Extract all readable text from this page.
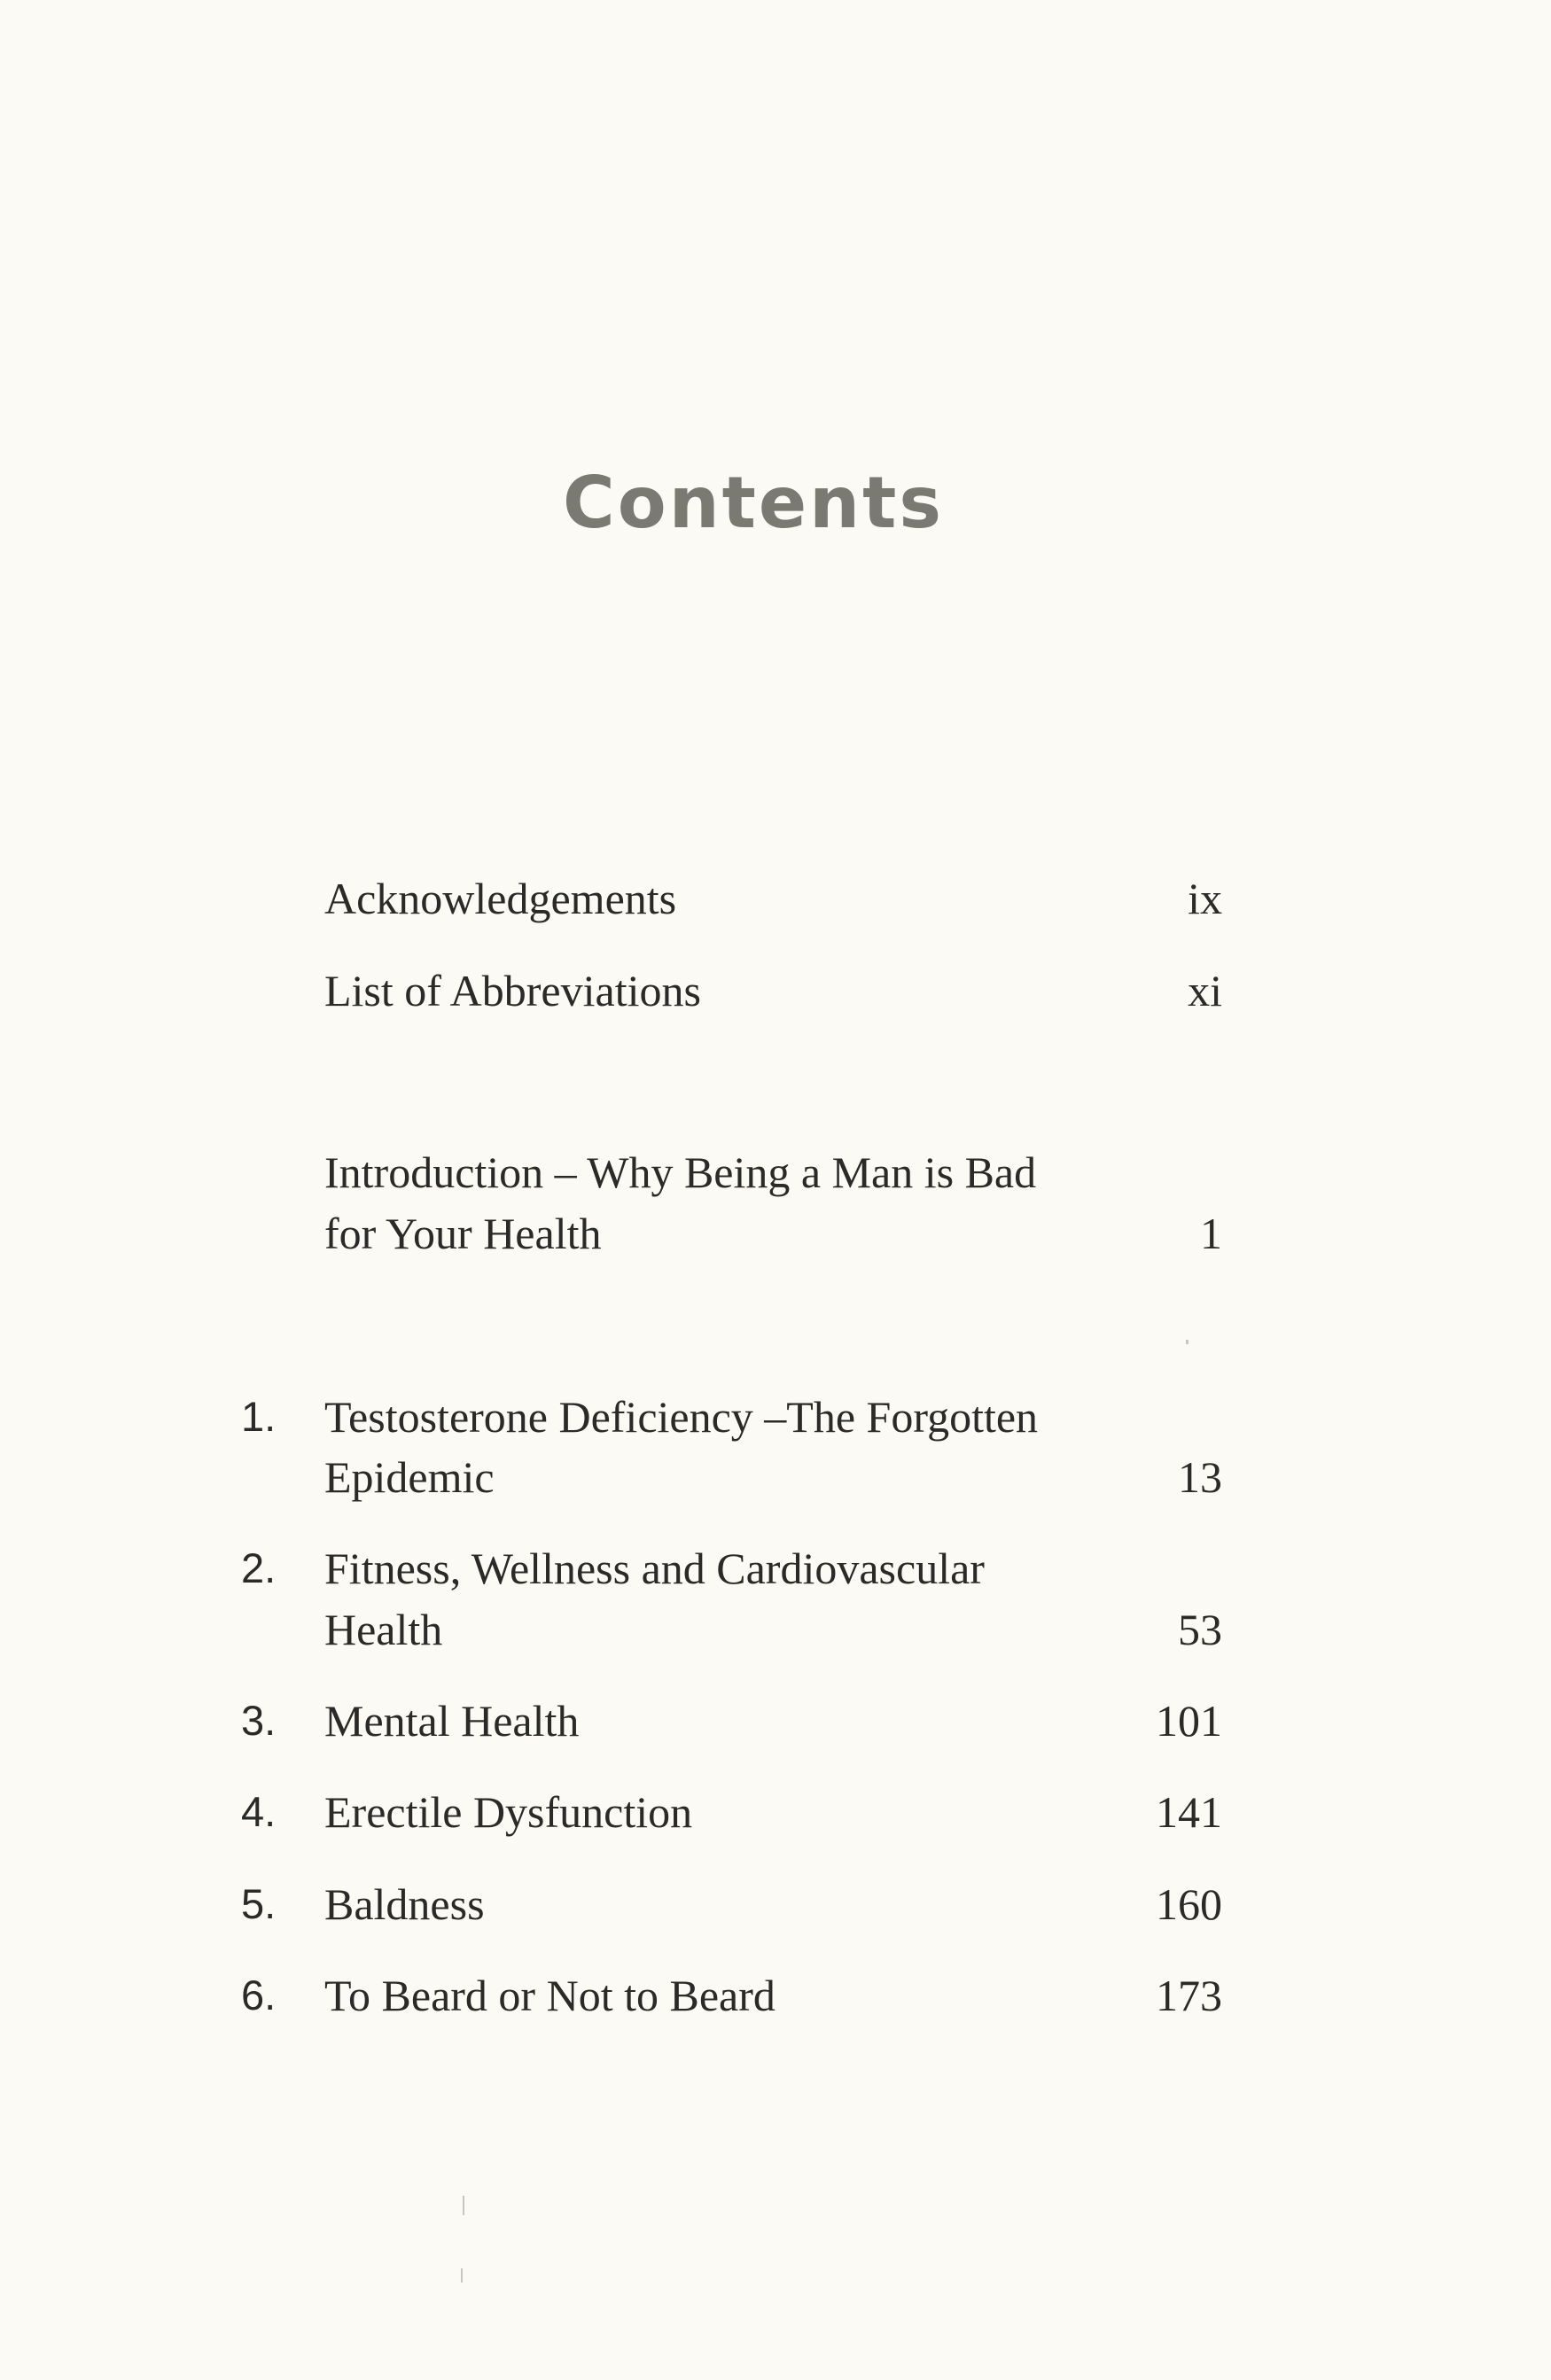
Contents
Acknowledgements	ix
List of Abbreviations	xi
Introduction – Why Being a Man is Bad
for Your Health	1
1. Testosterone Deficiency –The Forgotten
Epidemic	13
2. Fitness, Wellness and Cardiovascular
Health	53
3. Mental Health	101
4. Erectile Dysfunction	141
5. Baldness	160
6. To Beard or Not to Beard	173
